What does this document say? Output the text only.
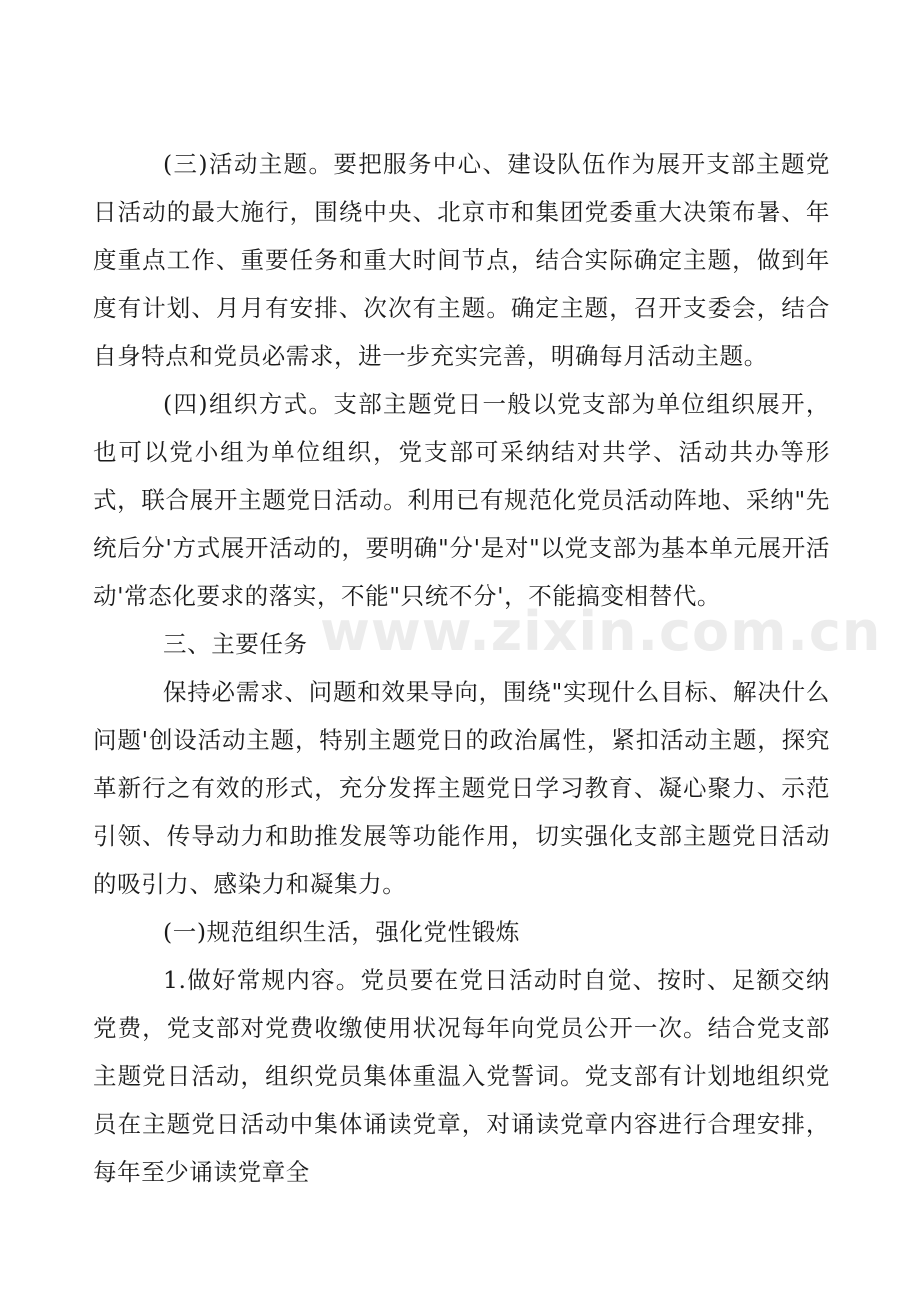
(三)活动主题。要把服务中心、建设队伍作为展开支部主题党日活动的最大施行，围绕中央、北京市和集团党委重大决策布暑、年度重点工作、重要任务和重大时间节点，结合实际确定主题，做到年度有计划、月月有安排、次次有主题。确定主题，召开支委会，结合自身特点和党员必需求，进一步充实完善，明确每月活动主题。

(四)组织方式。支部主题党日一般以党支部为单位组织展开，也可以党小组为单位组织，党支部可采纳结对共学、活动共办等形式，联合展开主题党日活动。利用已有规范化党员活动阵地、采纳"先统后分'方式展开活动的，要明确"分'是对"以党支部为基本单元展开活动'常态化要求的落实，不能"只统不分'，不能搞变相替代。

三、主要任务

保持必需求、问题和效果导向，围绕"实现什么目标、解决什么问题'创设活动主题，特别主题党日的政治属性，紧扣活动主题，探究革新行之有效的形式，充分发挥主题党日学习教育、凝心聚力、示范引领、传导动力和助推发展等功能作用，切实强化支部主题党日活动的吸引力、感染力和凝集力。

(一)规范组织生活，强化党性锻炼

1.做好常规内容。党员要在党日活动时自觉、按时、足额交纳党费，党支部对党费收缴使用状况每年向党员公开一次。结合党支部主题党日活动，组织党员集体重温入党誓词。党支部有计划地组织党员在主题党日活动中集体诵读党章，对诵读党章内容进行合理安排，每年至少诵读党章全

www.zixin.com.cn
